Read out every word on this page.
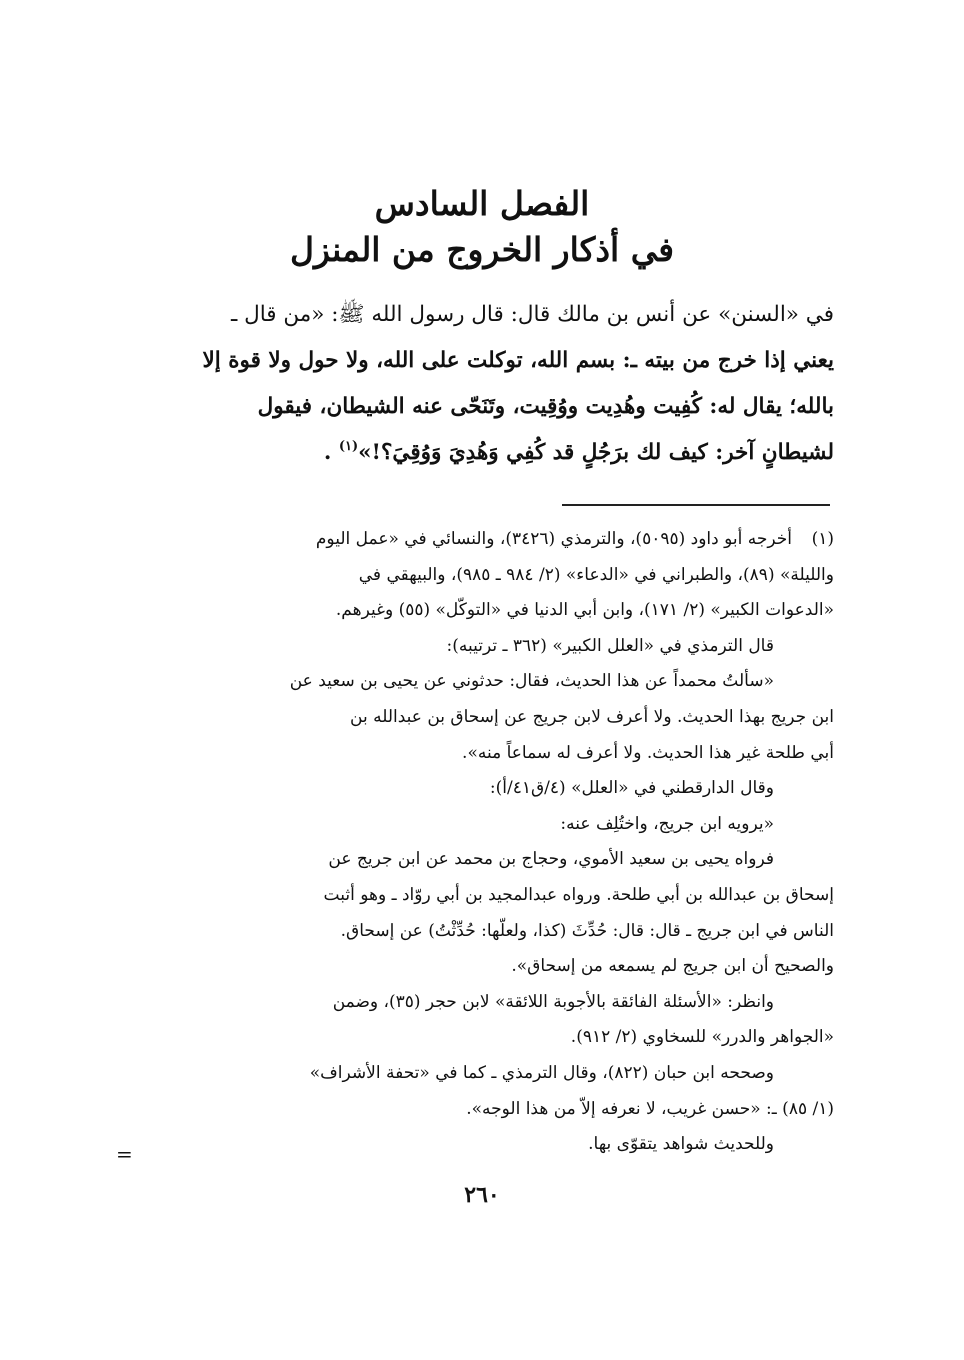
الفصل السادس
في أذكار الخروج من المنزل
في «السنن» عن أنس بن مالك قال: قال رسول الله ﷺ: «من قال ـ
يعني إذا خرج من بيته ـ: بسم الله، توكلت على الله، ولا حول ولا قوة إلا
بالله؛ يقال له: كُفِيت وهُدِيت ووُقِيت، وتَنَحّى عنه الشيطان، فيقول
لشيطانٍ آخر: كيف لك برَجُلٍ قد كُفِي وَهُدِيَ وَوُقِيَ؟!»$^{(١)}$ .
(١)أخرجه أبو داود (٥٠٩٥)، والترمذي (٣٤٢٦)، والنسائي في «عمل اليوم
والليلة» (٨٩)، والطبراني في «الدعاء» (٢/ ٩٨٤ ـ ٩٨٥)، والبيهقي في
«الدعوات الكبير» (٢/ ١٧١)، وابن أبي الدنيا في «التوكّل» (٥٥) وغيرهم.
قال الترمذي في «العلل الكبير» (٣٦٢ ـ ترتيبه):
«سألتُ محمداً عن هذا الحديث، فقال: حدثوني عن يحيى بن سعيد عن
ابن جريج بهذا الحديث. ولا أعرف لابن جريج عن إسحاق بن عبدالله بن
أبي طلحة غير هذا الحديث. ولا أعرف له سماعاً منه».
وقال الدارقطني في «العلل» (٤/ق٤١/أ):
«يرويه ابن جريج، واختُلِف عنه:
فرواه يحيى بن سعيد الأموي، وحجاج بن محمد عن ابن جريج عن
إسحاق بن عبدالله بن أبي طلحة. ورواه عبدالمجيد بن أبي روّاد ـ وهو أثبت
الناس في ابن جريج ـ قال: قال: حُدِّثَ (كذا، ولعلّها: حُدِّثْتُ) عن إسحاق.
والصحيح أن ابن جريج لم يسمعه من إسحاق».
وانظر: «الأسئلة الفائقة بالأجوبة اللائقة» لابن حجر (٣٥)، وضمن
«الجواهر والدرر» للسخاوي (٢/ ٩١٢).
وصححه ابن حبان (٨٢٢)، وقال الترمذي ـ كما في «تحفة الأشراف»
(١/ ٨٥) ـ: «حسن غريب، لا نعرفه إلاّ من هذا الوجه».
وللحديث شواهد يتقوّى بها.
=
٢٦٠
